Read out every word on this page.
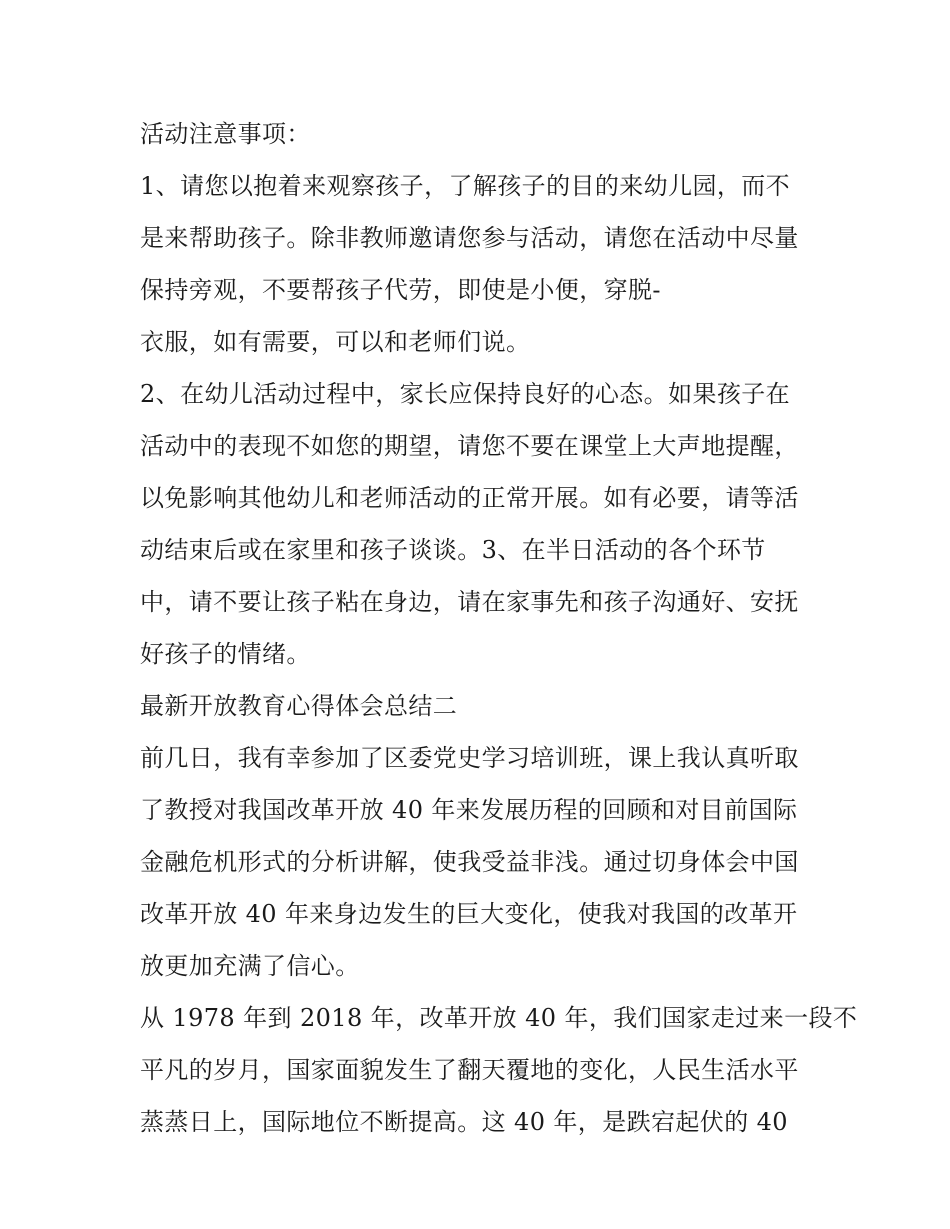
活动注意事项：
1、请您以抱着来观察孩子，了解孩子的目的来幼儿园，而不
是来帮助孩子。除非教师邀请您参与活动，请您在活动中尽量
保持旁观，不要帮孩子代劳，即使是小便，穿脱-
衣服，如有需要，可以和老师们说。
2、在幼儿活动过程中，家长应保持良好的心态。如果孩子在
活动中的表现不如您的期望，请您不要在课堂上大声地提醒，
以免影响其他幼儿和老师活动的正常开展。如有必要，请等活
动结束后或在家里和孩子谈谈。3、在半日活动的各个环节
中，请不要让孩子粘在身边，请在家事先和孩子沟通好、安抚
好孩子的情绪。
最新开放教育心得体会总结二
前几日，我有幸参加了区委党史学习培训班，课上我认真听取
了教授对我国改革开放 40 年来发展历程的回顾和对目前国际
金融危机形式的分析讲解，使我受益非浅。通过切身体会中国
改革开放 40 年来身边发生的巨大变化，使我对我国的改革开
放更加充满了信心。
从 1978 年到 2018 年，改革开放 40 年，我们国家走过来一段不
平凡的岁月，国家面貌发生了翻天覆地的变化，人民生活水平
蒸蒸日上，国际地位不断提高。这 40 年，是跌宕起伏的 40
